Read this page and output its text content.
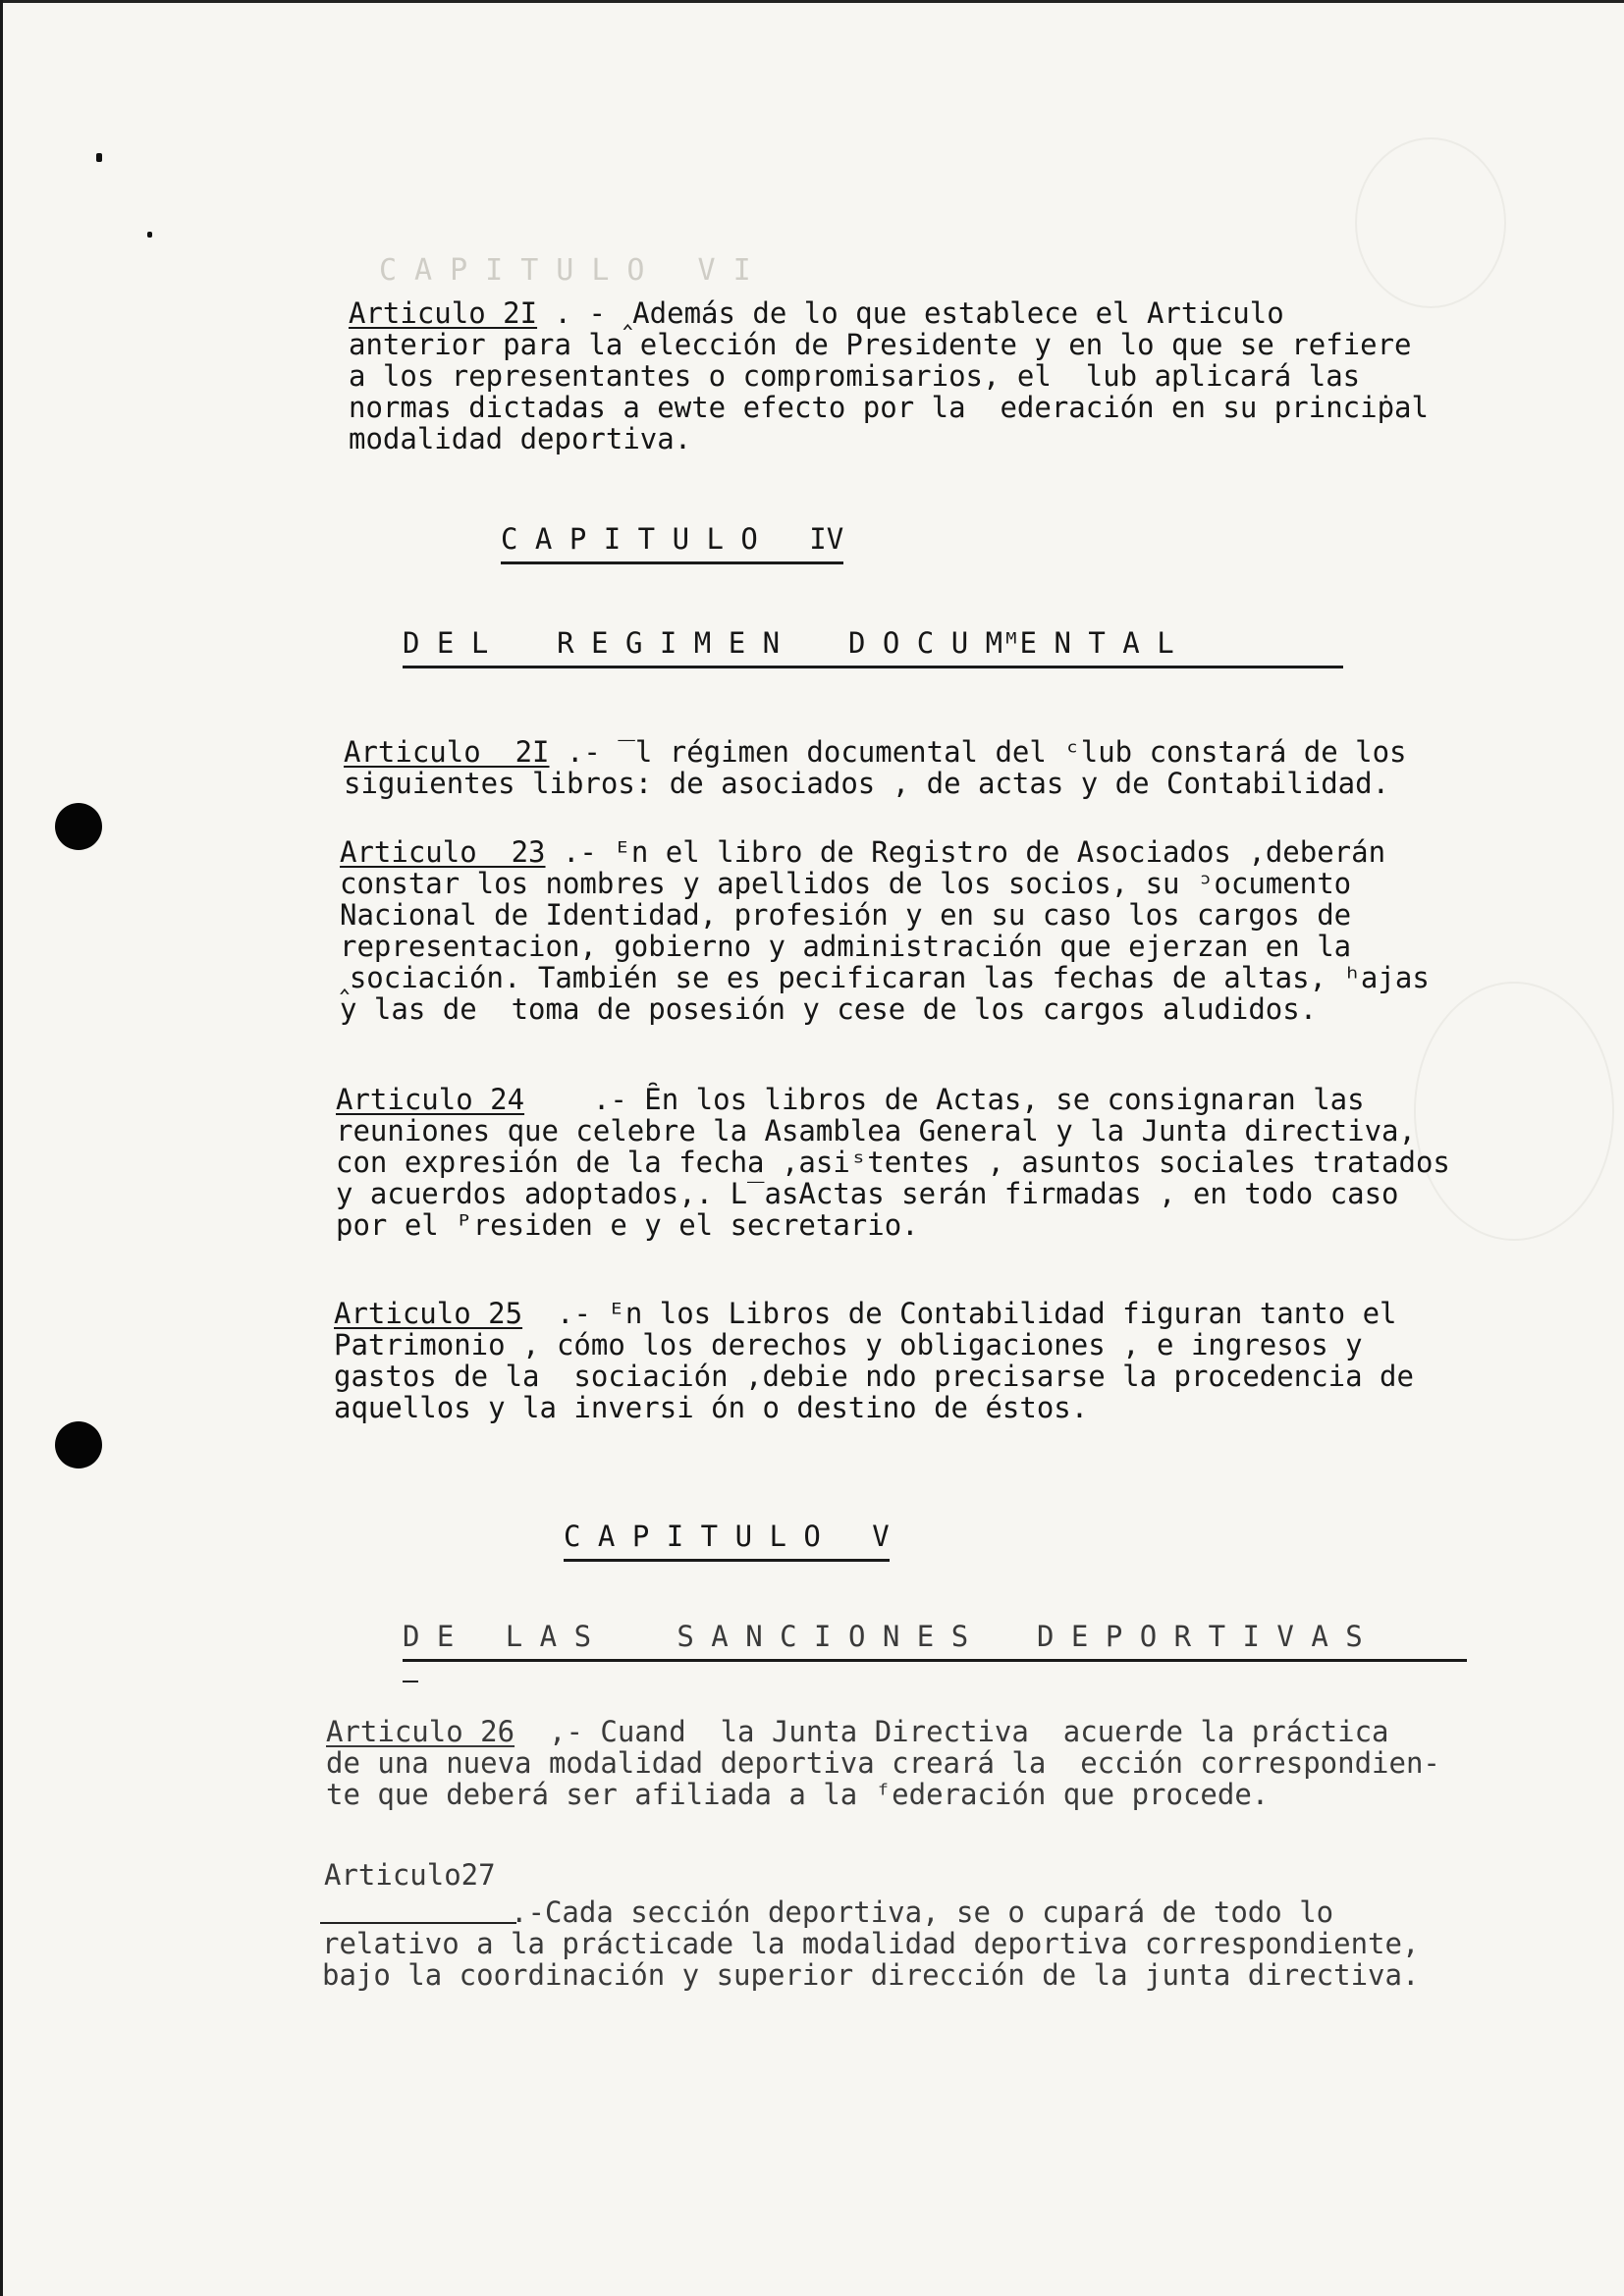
CAPITULO VI

Articulo 2I . - ‸Además de lo que establece el Articulo
anterior para la elección de Presidente y en lo que se refiere
a los representantes o compromisarios, el  lub aplicará las
normas dictadas a ewte efecto por la  ederación en su princiṗal
modalidad deportiva.

C A P I T U L O   IV
D E L    R E G I M E N    D O C U MᴹE N T A L

Articulo  2I .- ‾l régimen documental del ᶜlub constará de los
siguientes libros: de asociados , de actas y de Contabilidad.

Articulo  23 .- ᴱn el libro de Registro de Asociados ,deberán
constar los nombres y apellidos de los socios, su ᵓocumento
Nacional de Identidad, profesión y en su caso los cargos de
representacion, gobierno y administración que ejerzan en la
‸sociación. También se es pecificaran las fechas de altas, ʰajas
y las de  toma de posesión y cese de los cargos aludidos.

Articulo 24    .- Ȇn los libros de Actas, se consignaran las
reuniones que celebre la Asamblea General y la Junta directiva,
con expresión de la fecha ,asiˢtentes , asuntos sociales tratados
y acuerdos adoptados,. L‾asActas serán firmadas , en todo caso
por el ᴾresiden e y el secretario.

Articulo 25  .- ᴱn los Libros de Contabilidad figuran tanto el
Patrimonio , cómo los derechos y obligaciones , e ingresos y
gastos de la  sociación ,debie ndo precisarse la procedencia de
aquellos y la inversi ón o destino de éstos.

C A P I T U L O   V
D E   L A S     S A N C I O N E S    D E P O R T I V A S

Articulo 26  ,- Cuand  la Junta Directiva  acuerde la práctica
de una nueva modalidad deportiva creará la  ección correspondien-
te que deberá ser afiliada a la ᶠederación que procede.

Articulo27

.-Cada sección deportiva, se o cupará de todo lo
relativo a la prácticade la modalidad deportiva correspondiente,
bajo la coordinación y superior dirección de la junta directiva.
